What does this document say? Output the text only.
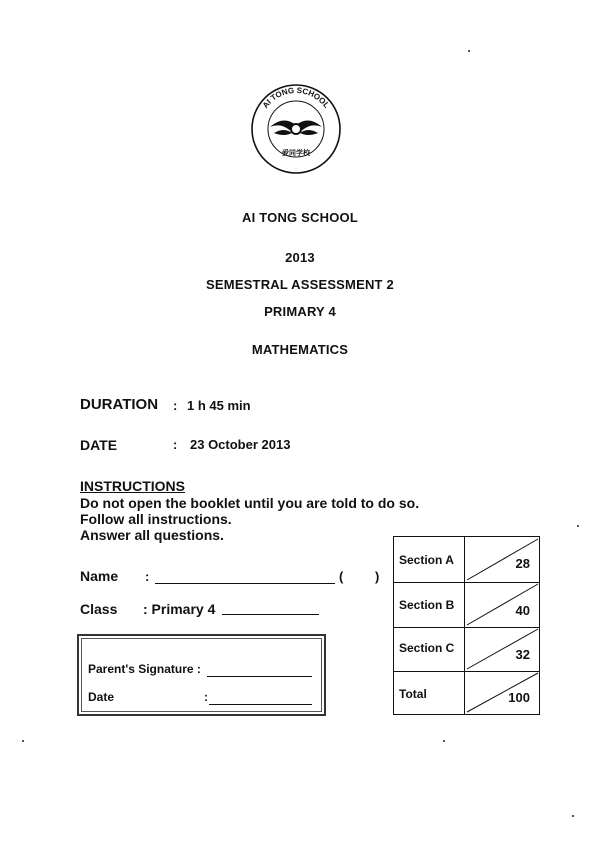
AI TONG SCHOOL
爱同学校
AI TONG SCHOOL
2013
SEMESTRAL ASSESSMENT 2
PRIMARY 4
MATHEMATICS
DURATION : 1 h 45 min
DATE	: 23 October 2013
INSTRUCTIONS
Do not open the booklet until you are told to do so.
Follow all instructions.
Answer all questions.
Name :	( )
Class : Primary 4
Parent's Signature :
Date	:
Section A	28
Section B	40
Section C	32
Total	100
